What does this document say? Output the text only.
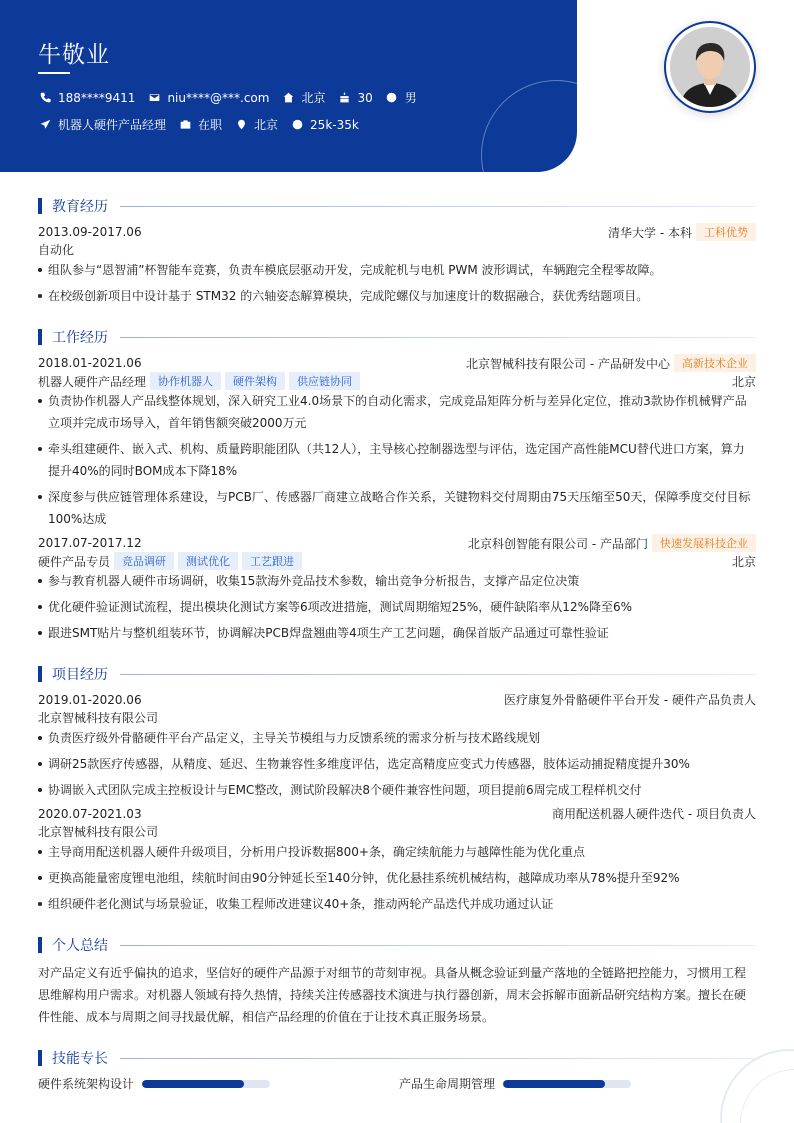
牛敬业
188****9411	niu****@***.com	北京	30	男
机器人硬件产品经理	在职	北京	25k-35k
教育经历
2013.09-2017.06	清华大学 - 本科	工科优势
自动化
组队参与“恩智浦”杯智能车竞赛，负责车模底层驱动开发，完成舵机与电机 PWM 波形调试，车辆跑完全程零故障。
在校级创新项目中设计基于 STM32 的六轴姿态解算模块，完成陀螺仪与加速度计的数据融合，获优秀结题项目。
工作经历
2018.01-2021.06	北京智械科技有限公司 - 产品研发中心	高新技术企业
机器人硬件产品经理	协作机器人	硬件架构	供应链协同	北京
负责协作机器人产品线整体规划，深入研究工业4.0场景下的自动化需求，完成竞品矩阵分析与差异化定位，推动3款协作机械臂产品立项并完成市场导入，首年销售额突破2000万元
牵头组建硬件、嵌入式、机构、质量跨职能团队（共12人），主导核心控制器选型与评估，选定国产高性能MCU替代进口方案，算力提升40%的同时BOM成本下降18%
深度参与供应链管理体系建设，与PCB厂、传感器厂商建立战略合作关系，关键物料交付周期由75天压缩至50天，保障季度交付目标100%达成
2017.07-2017.12	北京科创智能有限公司 - 产品部门	快速发展科技企业
硬件产品专员	竞品调研	测试优化	工艺跟进	北京
参与教育机器人硬件市场调研，收集15款海外竞品技术参数，输出竞争分析报告，支撑产品定位决策
优化硬件验证测试流程，提出模块化测试方案等6项改进措施，测试周期缩短25%，硬件缺陷率从12%降至6%
跟进SMT贴片与整机组装环节，协调解决PCB焊盘翘曲等4项生产工艺问题，确保首版产品通过可靠性验证
项目经历
2019.01-2020.06	医疗康复外骨骼硬件平台开发 - 硬件产品负责人
北京智械科技有限公司
负责医疗级外骨骼硬件平台产品定义，主导关节模组与力反馈系统的需求分析与技术路线规划
调研25款医疗传感器，从精度、延迟、生物兼容性多维度评估，选定高精度应变式力传感器，肢体运动捕捉精度提升30%
协调嵌入式团队完成主控板设计与EMC整改，测试阶段解决8个硬件兼容性问题，项目提前6周完成工程样机交付
2020.07-2021.03	商用配送机器人硬件迭代 - 项目负责人
北京智械科技有限公司
主导商用配送机器人硬件升级项目，分析用户投诉数据800+条，确定续航能力与越障性能为优化重点
更换高能量密度锂电池组，续航时间由90分钟延长至140分钟，优化悬挂系统机械结构，越障成功率从78%提升至92%
组织硬件老化测试与场景验证，收集工程师改进建议40+条，推动两轮产品迭代并成功通过认证
个人总结
对产品定义有近乎偏执的追求，坚信好的硬件产品源于对细节的苛刻审视。具备从概念验证到量产落地的全链路把控能力，习惯用工程思维解构用户需求。对机器人领域有持久热情，持续关注传感器技术演进与执行器创新，周末会拆解市面新品研究结构方案。擅长在硬件性能、成本与周期之间寻找最优解，相信产品经理的价值在于让技术真正服务场景。
技能专长
硬件系统架构设计	产品生命周期管理
